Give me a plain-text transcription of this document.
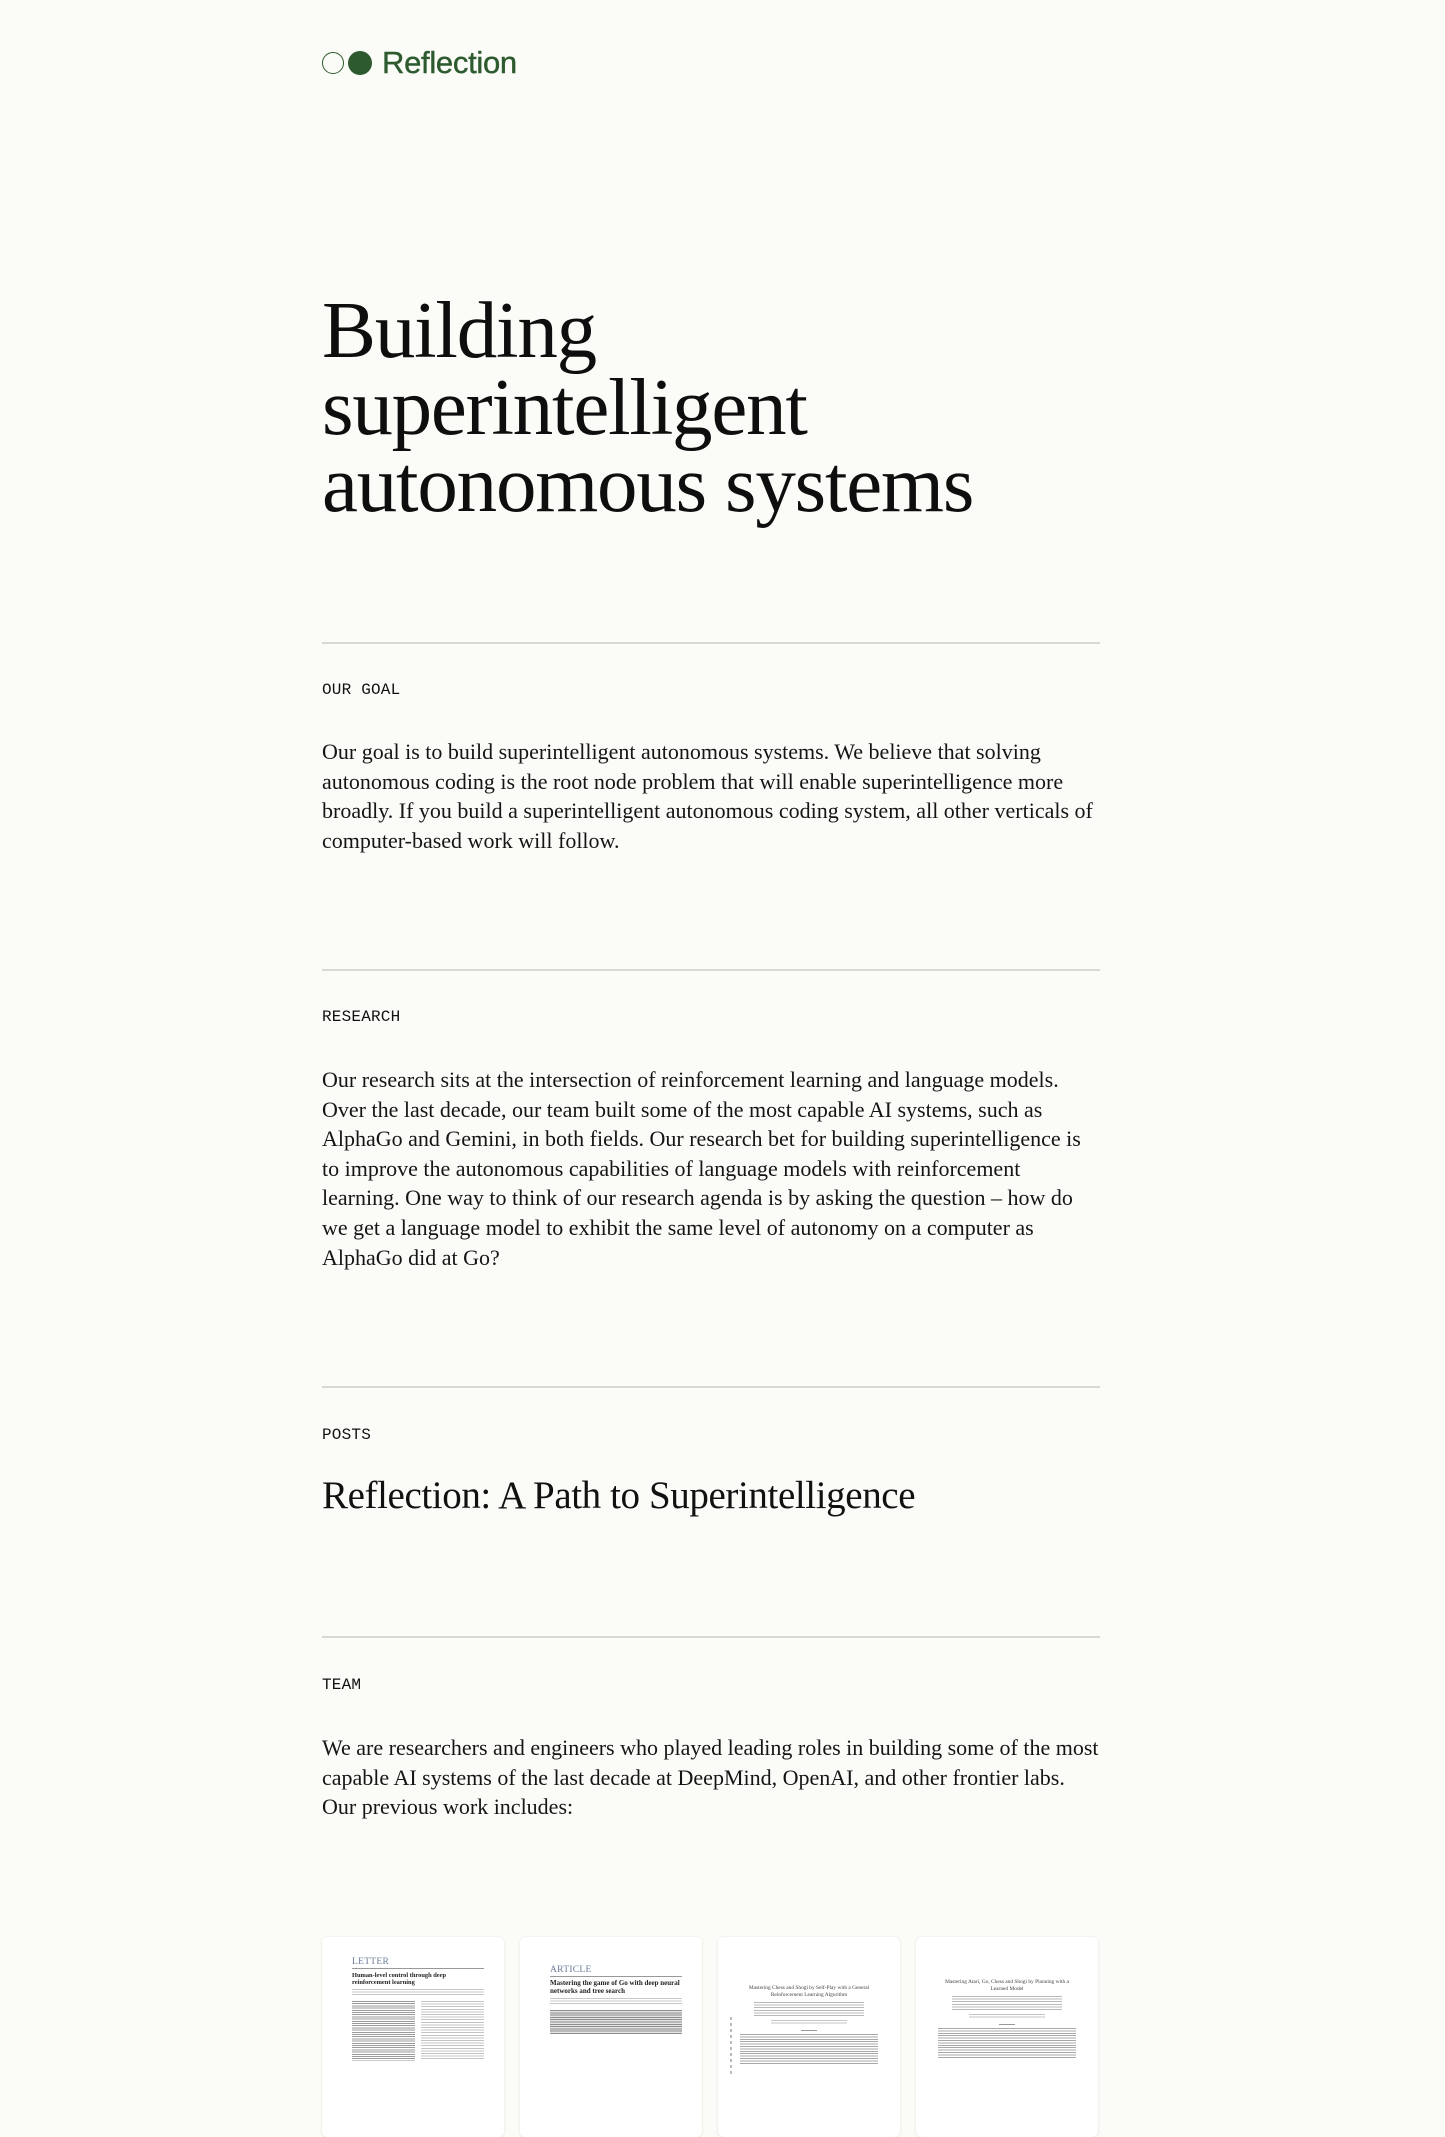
Reflection
Building
superintelligent
autonomous systems
OUR GOAL

Our goal is to build superintelligent autonomous systems. We believe that solving autonomous coding is the root node problem that will enable superintelligence more broadly. If you build a superintelligent autonomous coding system, all other verticals of computer-based work will follow.

RESEARCH

Our research sits at the intersection of reinforcement learning and language models. Over the last decade, our team built some of the most capable AI systems, such as AlphaGo and Gemini, in both fields. Our research bet for building superintelligence is to improve the autonomous capabilities of language models with reinforcement learning. One way to think of our research agenda is by asking the question – how do we get a language model to exhibit the same level of autonomy on a computer as AlphaGo did at Go?

POSTS
Reflection: A Path to Superintelligence
TEAM

We are researchers and engineers who played leading roles in building some of the most capable AI systems of the last decade at DeepMind, OpenAI, and other frontier labs. Our previous work includes:

LETTER
Human-level control through deep reinforcement learning
ARTICLE
Mastering the game of Go with deep neural networks and tree search	Mastering Chess and Shogi by Self-Play with a General Reinforcement Learning Algorithm
Mastering Atari, Go, Chess and Shogi by Planning with a Learned Model
